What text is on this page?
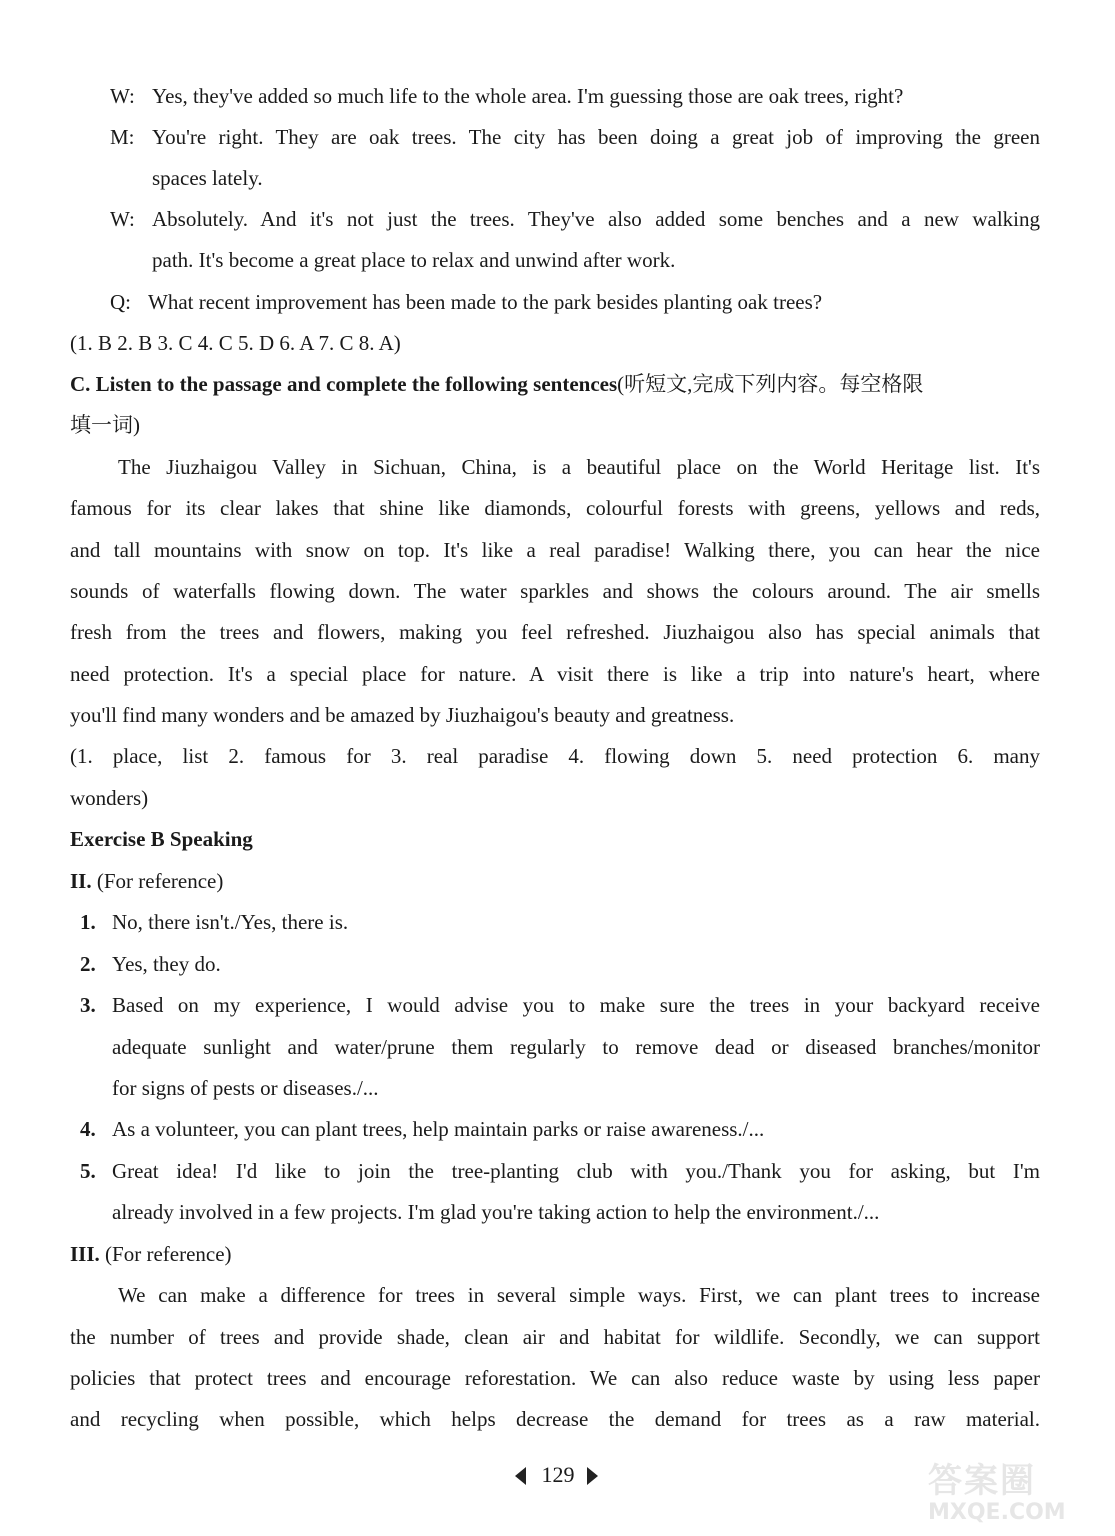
W: Yes, they've added so much life to the whole area. I'm guessing those are oak trees, right?
M: You're right. They are oak trees. The city has been doing a great job of improving the green
spaces lately.
W: Absolutely. And it's not just the trees. They've also added some benches and a new walking
path. It's become a great place to relax and unwind after work.
Q: What recent improvement has been made to the park besides planting oak trees?
(1. B 2. B 3. C 4. C 5. D 6. A 7. C 8. A)
C. Listen to the passage and complete the following sentences(听短文,完成下列内容。每空格限
填一词)
The Jiuzhaigou Valley in Sichuan, China, is a beautiful place on the World Heritage list. It's
famous for its clear lakes that shine like diamonds, colourful forests with greens, yellows and reds,
and tall mountains with snow on top. It's like a real paradise! Walking there, you can hear the nice
sounds of waterfalls flowing down. The water sparkles and shows the colours around. The air smells
fresh from the trees and flowers, making you feel refreshed. Jiuzhaigou also has special animals that
need protection. It's a special place for nature. A visit there is like a trip into nature's heart, where
you'll find many wonders and be amazed by Jiuzhaigou's beauty and greatness.
(1. place, list 2. famous for 3. real paradise 4. flowing down 5. need protection 6. many
wonders)
Exercise B Speaking
II. (For reference)
1. No, there isn't./Yes, there is.
2. Yes, they do.
3. Based on my experience, I would advise you to make sure the trees in your backyard receive
adequate sunlight and water/prune them regularly to remove dead or diseased branches/monitor
for signs of pests or diseases./...
4. As a volunteer, you can plant trees, help maintain parks or raise awareness./...
5. Great idea! I'd like to join the tree-planting club with you./Thank you for asking, but I'm
already involved in a few projects. I'm glad you're taking action to help the environment./...
III. (For reference)
We can make a difference for trees in several simple ways. First, we can plant trees to increase
the number of trees and provide shade, clean air and habitat for wildlife. Secondly, we can support
policies that protect trees and encourage reforestation. We can also reduce waste by using less paper
and recycling when possible, which helps decrease the demand for trees as a raw material.
129	答案圈
MXQE.COM
